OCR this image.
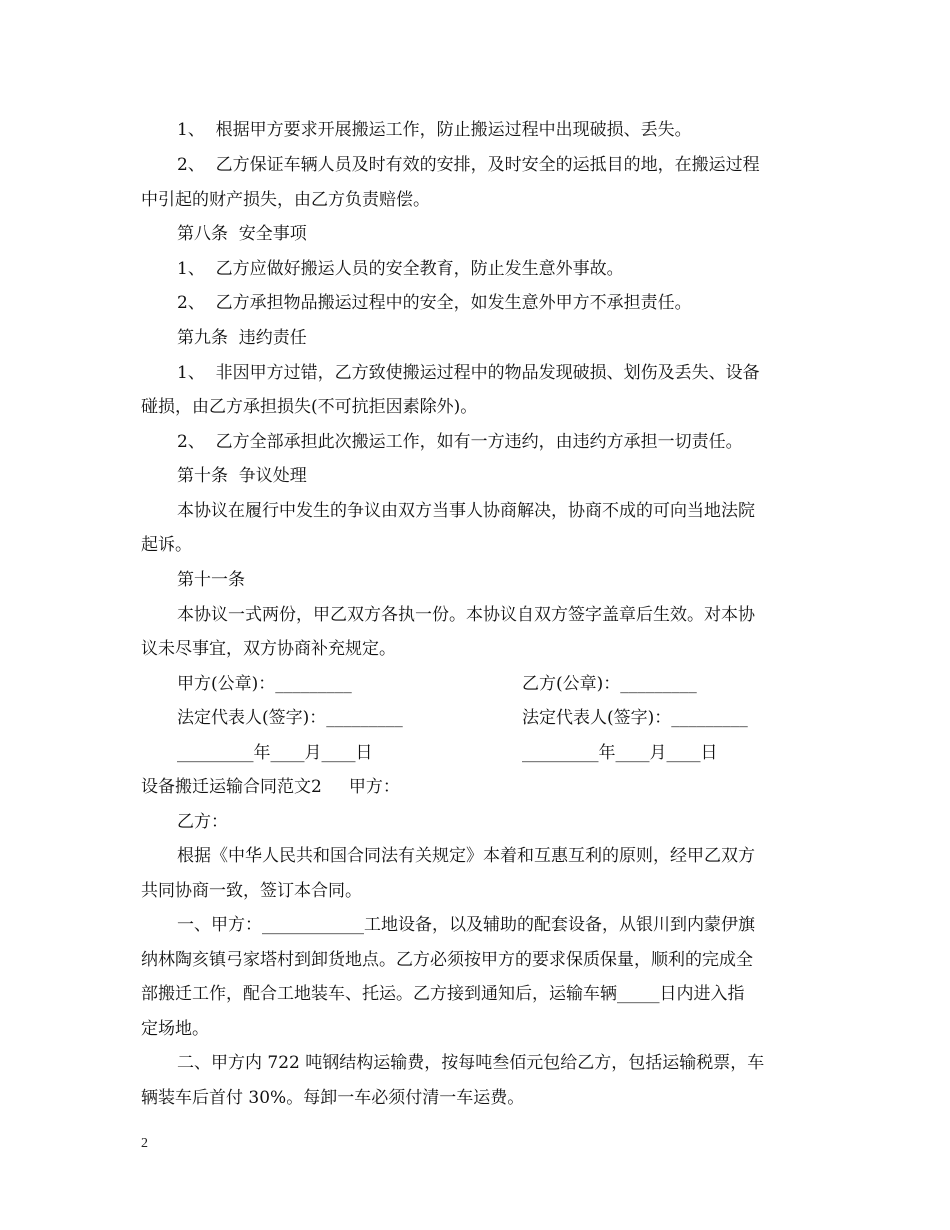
1、  根据甲方要求开展搬运工作，防止搬运过程中出现破损、丢失。
2、  乙方保证车辆人员及时有效的安排，及时安全的运抵目的地，在搬运过程
中引起的财产损失，由乙方负责赔偿。
第八条  安全事项
1、  乙方应做好搬运人员的安全教育，防止发生意外事故。
2、  乙方承担物品搬运过程中的安全，如发生意外甲方不承担责任。
第九条  违约责任
1、  非因甲方过错，乙方致使搬运过程中的物品发现破损、划伤及丢失、设备
碰损，由乙方承担损失(不可抗拒因素除外)。
2、  乙方全部承担此次搬运工作，如有一方违约，由违约方承担一切责任。
第十条  争议处理
本协议在履行中发生的争议由双方当事人协商解决，协商不成的可向当地法院
起诉。
第十一条
本协议一式两份，甲乙双方各执一份。本协议自双方签字盖章后生效。对本协
议未尽事宜，双方协商补充规定。
甲方(公章)：_________	乙方(公章)：_________
法定代表人(签字)：_________	法定代表人(签字)：_________
_________年____月____日	_________年____月____日
设备搬迁运输合同范文2     甲方：
乙方：
根据《中华人民共和国合同法有关规定》本着和互惠互利的原则，经甲乙双方
共同协商一致，签订本合同。
一、甲方：____________工地设备，以及辅助的配套设备，从银川到内蒙伊旗
纳林陶亥镇弓家塔村到卸货地点。乙方必须按甲方的要求保质保量，顺利的完成全
部搬迁工作，配合工地装车、托运。乙方接到通知后，运输车辆_____日内进入指
定场地。
二、甲方内 722 吨钢结构运输费，按每吨叁佰元包给乙方，包括运输税票，车
辆装车后首付 30%。每卸一车必须付清一车运费。
2
